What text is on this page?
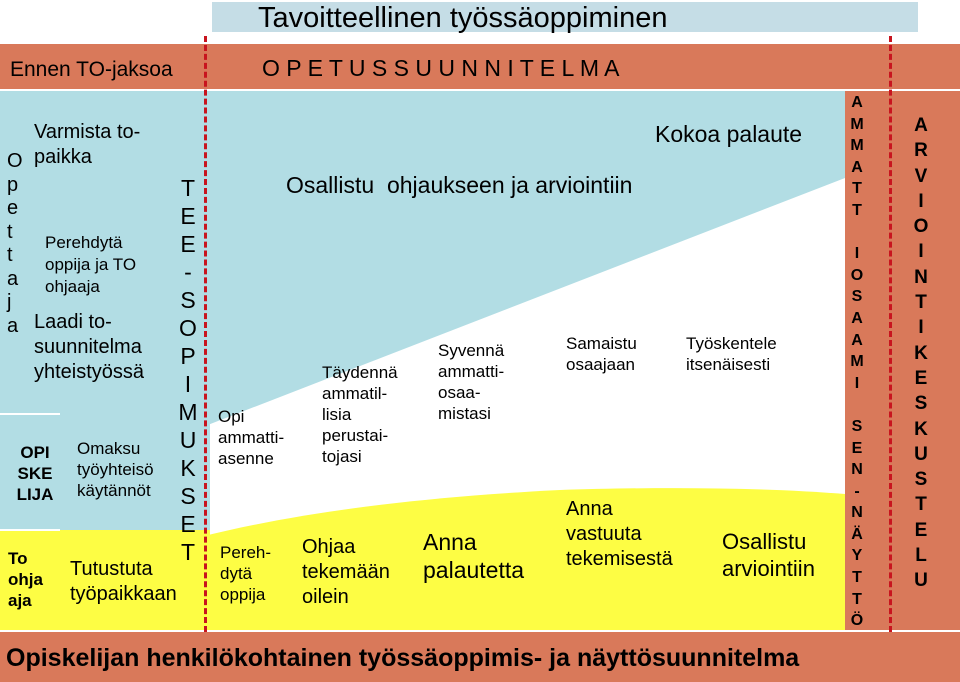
Tavoitteellinen työssäoppiminen
Ennen TO-jaksoa	O P E T U S S U U N N I T E L M A
O
p
e
t
t
a
j
a
OPI
SKE
LIJA
To
ohja
aja
Varmista to-
paikka
Perehdytä
oppija ja TO
ohjaaja
Laadi to-
suunnitelma
yhteistyössä
Omaksu
työyhteisö
käytännöt
Tutustuta
työpaikkaan
T
E
E
-
S
O
P
I
M
U
K
S
E
T
Osallistu  ohjaukseen ja arviointiin
Kokoa palaute
Opi
ammatti-
asenne
Täydennä
ammatil-
lisia
perustai-
tojasi
Syvennä
ammatti-
osaa-
mistasi
Samaistu
osaajaan
Työskentele
itsenäisesti
Pereh-
dytä
oppija
Ohjaa
tekemään
oilein
Anna
palautetta
Anna
vastuuta
tekemisestä
Osallistu
arviointiin
A
M
M
A
T
T
I
O
S
A
A
M
I
S
E
N
-
N
Ä
Y
T
T
Ö
A
R
V
I
O
I
N
T
I
K
E
S
K
U
S
T
E
L
U
Opiskelijan henkilökohtainen työssäoppimis- ja näyttösuunnitelma
